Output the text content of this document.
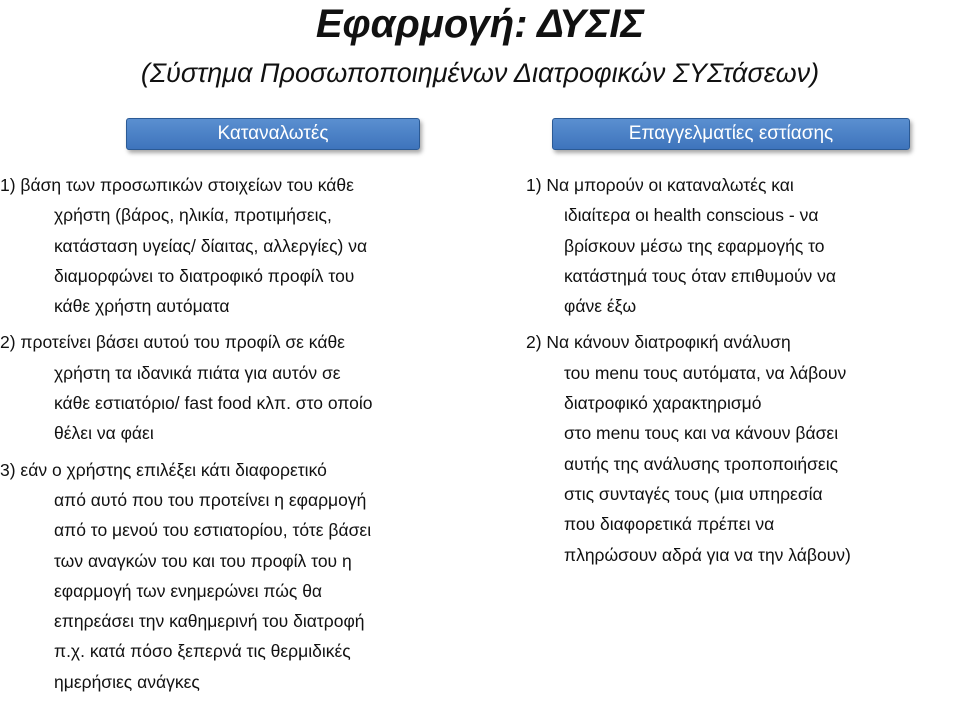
Εφαρμογή: ΔΥΣΙΣ
(Σύστημα Προσωποποιημένων Διατροφικών ΣΥΣτάσεων)
Καταναλωτές
1) βάση των προσωπικών στοιχείων του κάθε
χρήστη (βάρος, ηλικία, προτιμήσεις,
κατάσταση υγείας/ δίαιτας, αλλεργίες) να
διαμορφώνει το διατροφικό προφίλ του
κάθε χρήστη αυτόματα
2) προτείνει βάσει αυτού του προφίλ σε κάθε
χρήστη τα ιδανικά πιάτα για αυτόν σε
κάθε εστιατόριο/ fast food κλπ. στο οποίο
θέλει να φάει
3) εάν ο χρήστης επιλέξει κάτι διαφορετικό
από αυτό που του προτείνει η εφαρμογή
από το μενού του εστιατορίου, τότε βάσει
των αναγκών του και του προφίλ του η
εφαρμογή των ενημερώνει πώς θα
επηρεάσει την καθημερινή του διατροφή
π.χ. κατά πόσο ξεπερνά τις θερμιδικές
ημερήσιες ανάγκες
Επαγγελματίες εστίασης
1) Να μπορούν οι καταναλωτές και
ιδιαίτερα οι health conscious - να
βρίσκουν μέσω της εφαρμογής το
κατάστημά τους όταν επιθυμούν να
φάνε έξω
2) Να κάνουν διατροφική ανάλυση
του menu τους αυτόματα, να λάβουν
διατροφικό χαρακτηρισμό
στο menu τους και να κάνουν βάσει
αυτής της ανάλυσης τροποποιήσεις
στις συνταγές τους (μια υπηρεσία
που διαφορετικά πρέπει να
πληρώσουν αδρά για να την λάβουν)
